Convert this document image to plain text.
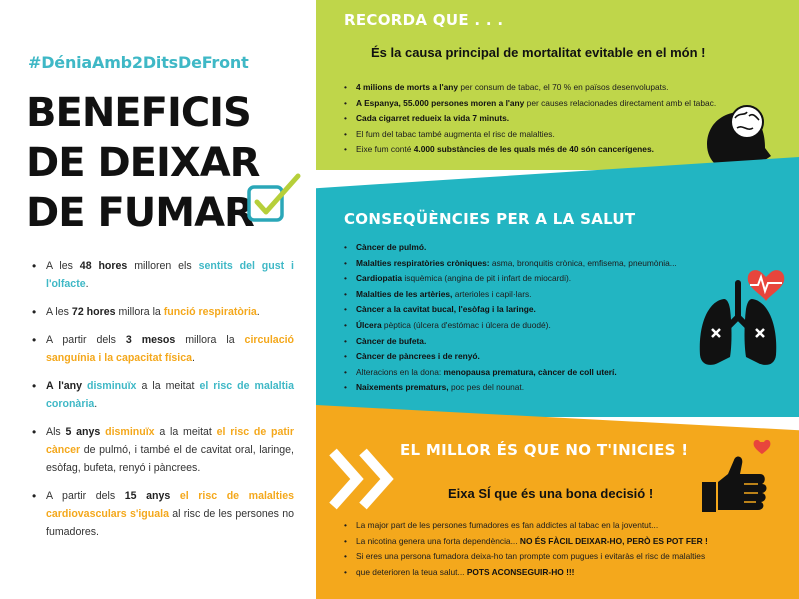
#DéniaAmb2DitsDeFront
BENEFICIS
DE DEIXAR
DE FUMAR
• A les 48 hores milloren els sentits del gust i l'olfacte.
• A les 72 hores millora la funció respiratòria.
• A partir dels 3 mesos millora la circulació sanguínia i la capacitat física.
• A l'any disminuïx a la meitat el risc de malaltia coronària.
• Als 5 anys disminuïx a la meitat el risc de patir càncer de pulmó, i també el de cavitat oral, laringe, esòfag, bufeta, renyó i pàncrees.
• A partir dels 15 anys el risc de malalties cardiovasculars s'iguala al risc de les persones no fumadores.
RECORDA QUE . . .
És la causa principal de mortalitat evitable en el món !
• 4 milions de morts a l'any per consum de tabac, el 70 % en països desenvolupats.
• A Espanya, 55.000 persones moren a l'any per causes relacionades directament amb el tabac.
• Cada cigarret redueix la vida 7 minuts.
• El fum del tabac també augmenta el risc de malalties.
• Eixe fum conté 4.000 substàncies de les quals més de 40 són cancerígenes.
CONSEQÜÈNCIES PER A LA SALUT
• Càncer de pulmó.
• Malalties respiratòries cròniques: asma, bronquitis crònica, emfisema, pneumònia...
• Cardiopatia isquèmica (angina de pit i infart de miocardi).
• Malalties de les artèries, arterioles i capil·lars.
• Càncer a la cavitat bucal, l'esòfag i la laringe.
• Úlcera pèptica (úlcera d'estómac i úlcera de duodé).
• Càncer de bufeta.
• Càncer de pàncrees i de renyó.
• Alteracions en la dona: menopausa prematura, càncer de coll uterí.
• Naixements prematurs, poc pes del nounat.
EL MILLOR ÉS QUE NO T'INICIES !
Eixa SÍ que és una bona decisió !
• La major part de les persones fumadores es fan addictes al tabac en la joventut...
• La nicotina genera una forta dependència... NO ÉS FÀCIL DEIXAR-HO, PERÒ ES POT FER !
• Si eres una persona fumadora deixa-ho tan prompte com pugues i evitaràs el risc de malalties
• que deterioren la teua salut... POTS ACONSEGUIR-HO !!!
